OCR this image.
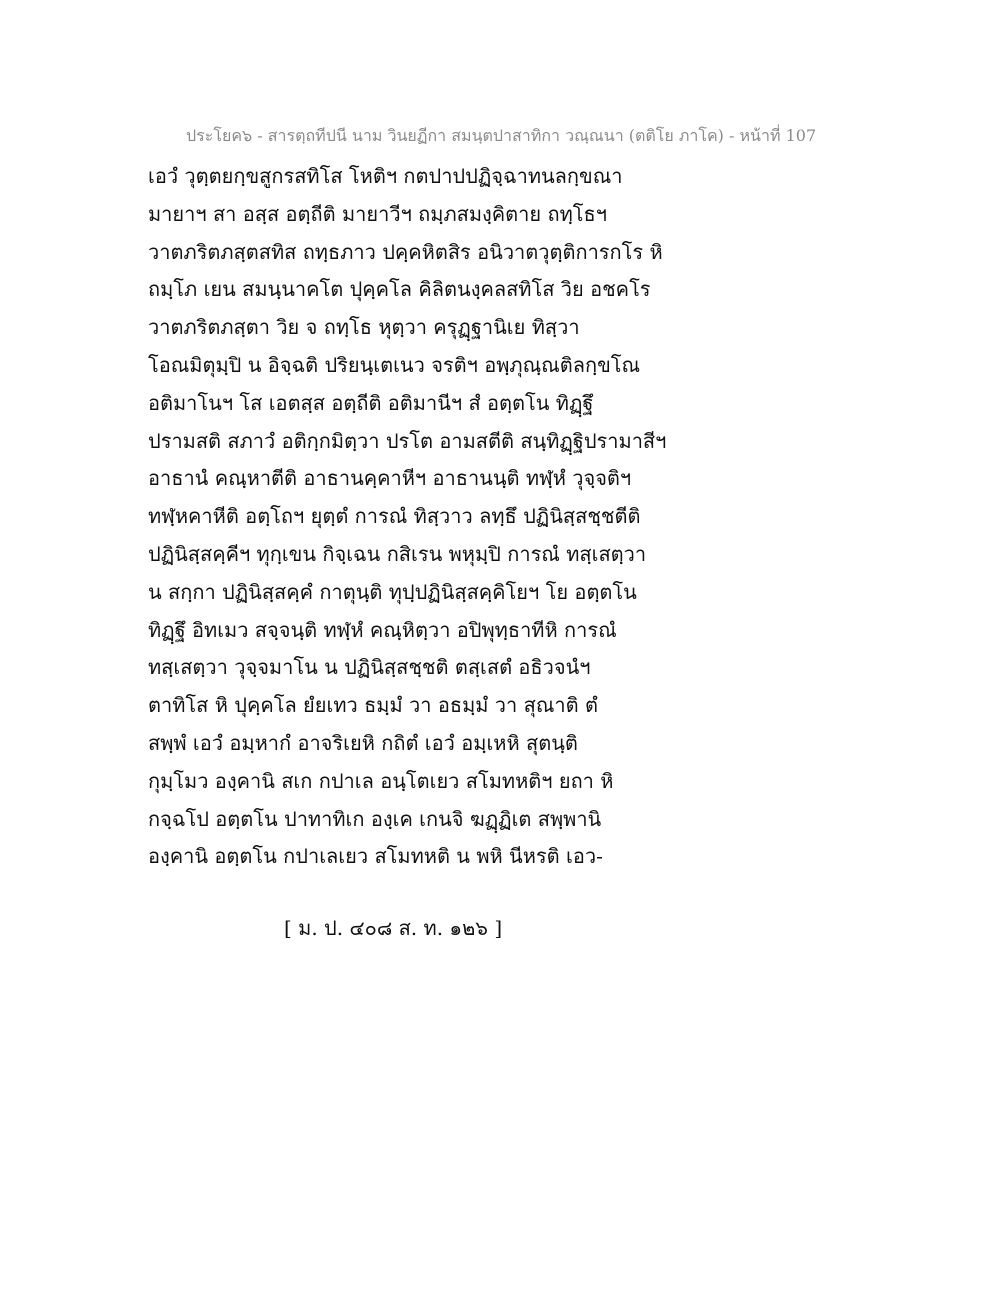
ประโยค๖ - สารตฺถทีปนี นาม วินยฏีกา สมนฺตปาสาทิกา วณฺณนา (ตติโย ภาโค) - หน้าที่ 107
เอวํ วุตฺตยกฺขสูกรสทิโส โหติฯ กตปาปปฏิจฺฉาทนลกฺขณา
มายาฯ สา อสฺส อตฺถีติ มายาวีฯ ถมฺภสมงฺคิตาย ถทฺโธฯ
วาตภริตภสฺตสทิส ถทฺธภาว ปคฺคหิตสิร อนิวาตวุตฺติการกโร หิ
ถมฺโภ เยน สมนฺนาคโต ปุคฺคโล คิลิตนงฺคลสทิโส วิย อชคโร
วาตภริตภสฺตา วิย จ ถทฺโธ หุตฺวา ครุฏฺฐานิเย ทิสฺวา
โอณมิตุมฺปิ น อิจฺฉติ ปริยนฺเตเนว จรติฯ อพฺภุณฺณติลกฺขโณ
อติมาโนฯ โส เอตสฺส อตฺถีติ อติมานีฯ สํ อตฺตโน ทิฏฺฐึ
ปรามสติ สภาวํ อติกฺกมิตฺวา ปรโต อามสตีติ สนฺทิฏฺฐิปรามาสีฯ
อาธานํ คณฺหาตีติ อาธานคฺคาหีฯ อาธานนฺติ ทฬฺหํ วุจฺจติฯ
ทฬฺหคาหีติ อตฺโถฯ ยุตฺตํ การณํ ทิสฺวาว ลทฺธึ ปฏินิสฺสชฺชตีติ
ปฏินิสฺสคฺคีฯ ทุกฺเขน กิจฺเฉน กสิเรน พหุมฺปิ การณํ ทสฺเสตฺวา
น สกฺกา ปฏินิสฺสคฺคํ กาตุนฺติ ทุปฺปฏินิสฺสคฺคิโยฯ โย อตฺตโน
ทิฏฺฐึ อิทเมว สจฺจนฺติ ทฬฺหํ คณฺหิตฺวา อปิพุทฺธาทีหิ การณํ
ทสฺเสตฺวา วุจฺจมาโน น ปฏินิสฺสชฺชติ ตสฺเสตํ อธิวจนํฯ
ตาทิโส หิ ปุคฺคโล ยํยเทว ธมฺมํ วา อธมฺมํ วา สุณาติ ตํ
สพฺพํ เอวํ อมฺหากํ อาจริเยหิ กถิตํ เอวํ อมฺเหหิ สุตนฺติ
กุมฺโมว องฺคานิ สเก กปาเล อนฺโตเยว สโมทหติฯ ยถา หิ
กจฺฉโป อตฺตโน ปาทาทิเก องฺเค เกนจิ ฆฏฺฏิเต สพฺพานิ
องฺคานิ อตฺตโน กปาเลเยว สโมทหติ น พหิ นีหรติ เอว-
[ ม. ป. ๔๐๘ ส. ท. ๑๒๖ ]
